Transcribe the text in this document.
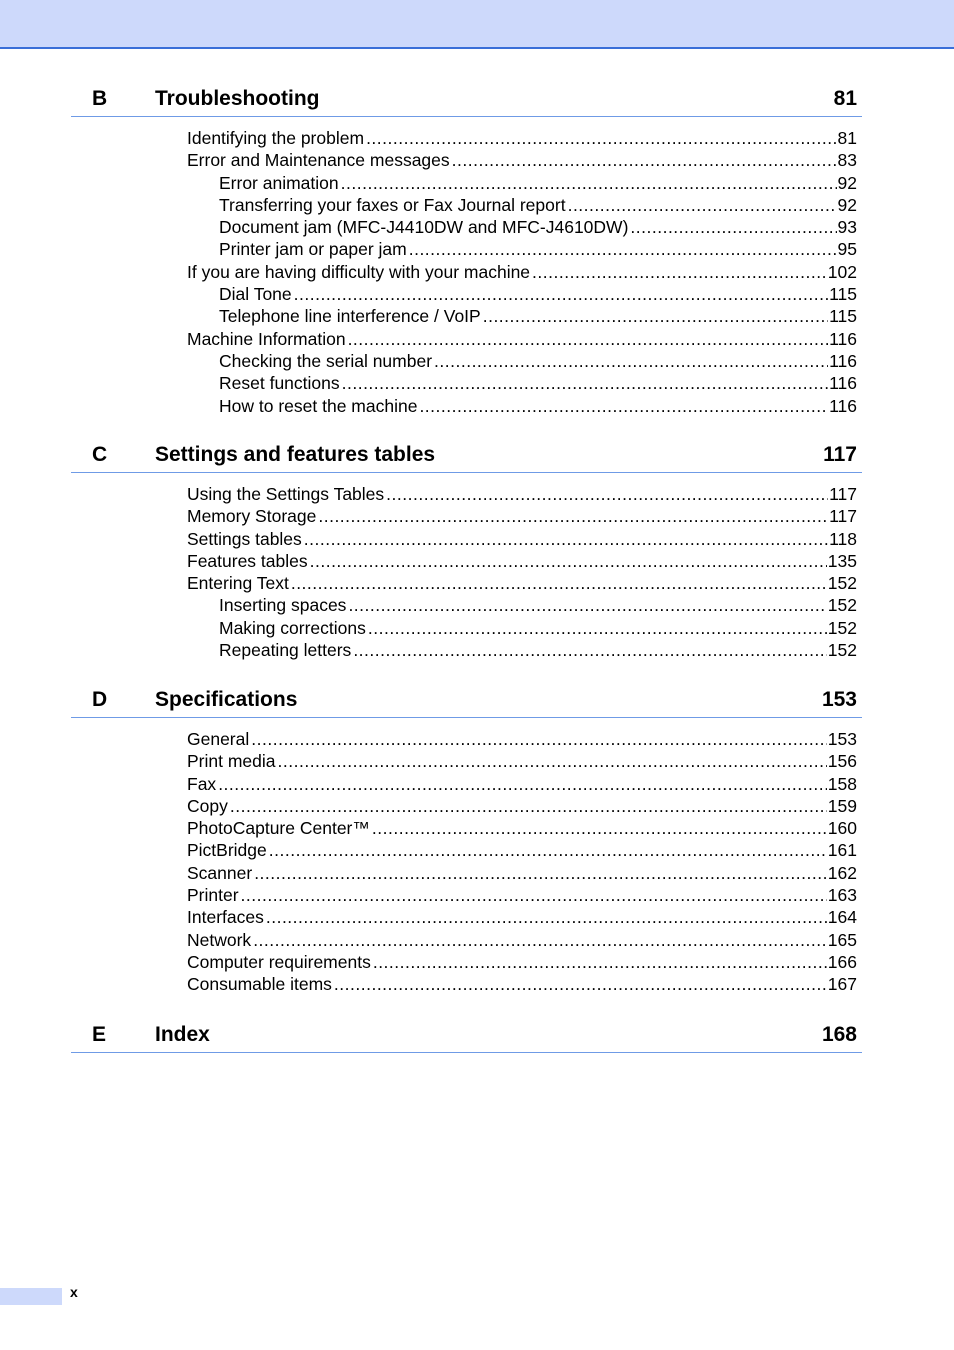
B Troubleshooting	81
Identifying the problem .....	81
Error and Maintenance messages .....	83
Error animation .....	92
Transferring your faxes or Fax Journal report .....	92
Document jam (MFC-J4410DW and MFC-J4610DW) .....	93
Printer jam or paper jam .....	95
If you are having difficulty with your machine .....	102
Dial Tone .....	115
Telephone line interference / VoIP .....	115
Machine Information .....	116
Checking the serial number .....	116
Reset functions .....	116
How to reset the machine .....	116
C Settings and features tables	117
Using the Settings Tables .....	117
Memory Storage .....	117
Settings tables .....	118
Features tables .....	135
Entering Text .....	152
Inserting spaces .....	152
Making corrections .....	152
Repeating letters .....	152
D Specifications	153
General .....	153
Print media .....	156
Fax .....	158
Copy .....	159
PhotoCapture Center™ .....	160
PictBridge .....	161
Scanner .....	162
Printer .....	163
Interfaces .....	164
Network .....	165
Computer requirements .....	166
Consumable items .....	167
E Index	168
x
